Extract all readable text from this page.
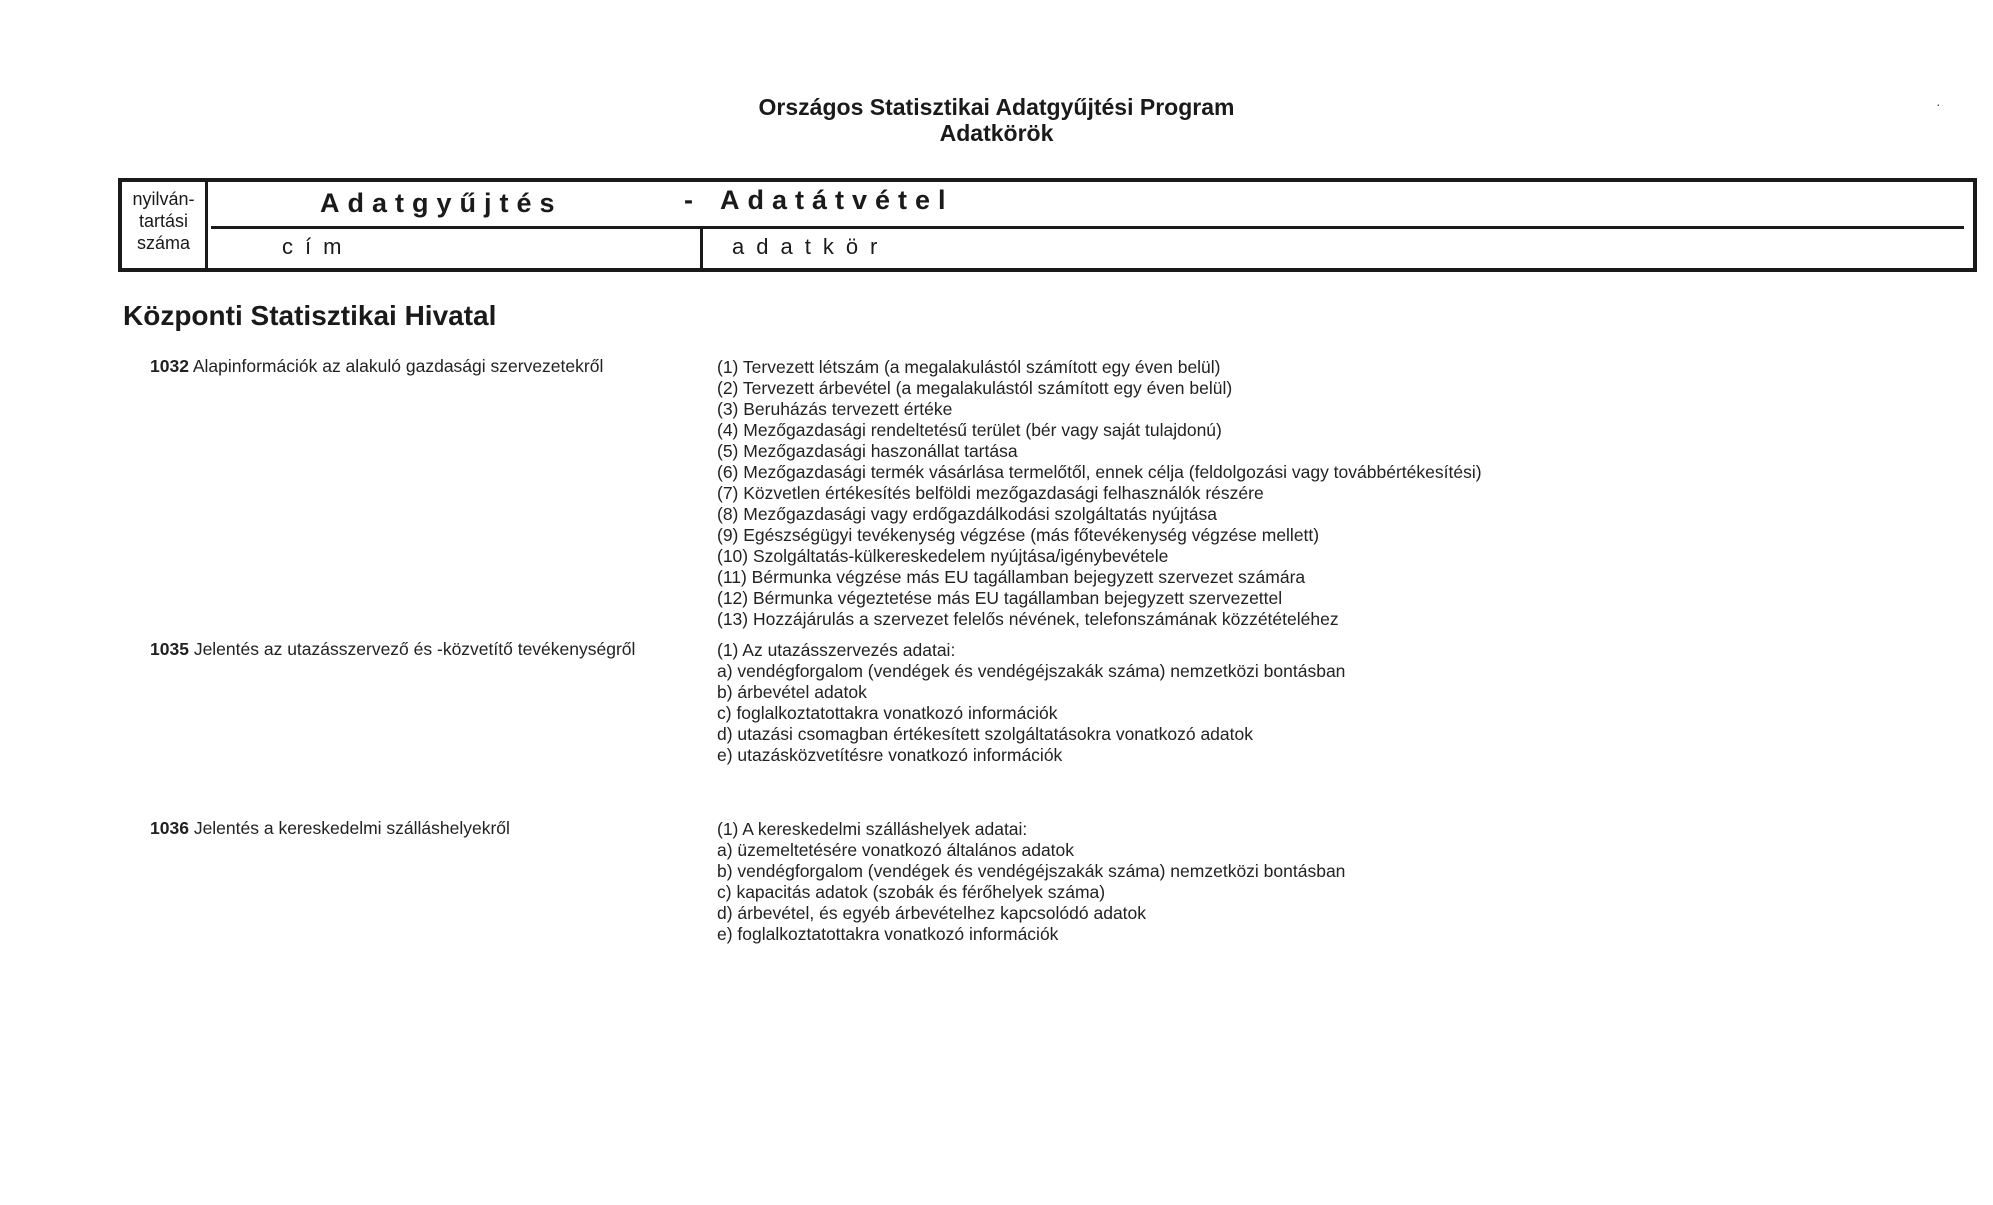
Országos Statisztikai Adatgyűjtési Program
Adatkörök
·
nyilván-
tartási
száma
Adatgyűjtés	- Adatátvétel
cím	adatkör
Központi Statisztikai Hivatal
1032 Alapinformációk az alakuló gazdasági szervezetekről	(1) Tervezett létszám (a megalakulástól számított egy éven belül)
(2) Tervezett árbevétel (a megalakulástól számított egy éven belül)
(3) Beruházás tervezett értéke
(4) Mezőgazdasági rendeltetésű terület (bér vagy saját tulajdonú)
(5) Mezőgazdasági haszonállat tartása
(6) Mezőgazdasági termék vásárlása termelőtől, ennek célja (feldolgozási vagy továbbértékesítési)
(7) Közvetlen értékesítés belföldi mezőgazdasági felhasználók részére
(8) Mezőgazdasági vagy erdőgazdálkodási szolgáltatás nyújtása
(9) Egészségügyi tevékenység végzése (más főtevékenység végzése mellett)
(10) Szolgáltatás-külkereskedelem nyújtása/igénybevétele
(11) Bérmunka végzése más EU tagállamban bejegyzett szervezet számára
(12) Bérmunka végeztetése más EU tagállamban bejegyzett szervezettel
(13) Hozzájárulás a szervezet felelős névének, telefonszámának közzétételéhez
1035 Jelentés az utazásszervező és -közvetítő tevékenységről	(1) Az utazásszervezés adatai:
a) vendégforgalom (vendégek és vendégéjszakák száma) nemzetközi bontásban
b) árbevétel adatok
c) foglalkoztatottakra vonatkozó információk
d) utazási csomagban értékesített szolgáltatásokra vonatkozó adatok
e) utazásközvetítésre vonatkozó információk
1036 Jelentés a kereskedelmi szálláshelyekről	(1) A kereskedelmi szálláshelyek adatai:
a) üzemeltetésére vonatkozó általános adatok
b) vendégforgalom (vendégek és vendégéjszakák száma) nemzetközi bontásban
c) kapacitás adatok (szobák és férőhelyek száma)
d) árbevétel, és egyéb árbevételhez kapcsolódó adatok
e) foglalkoztatottakra vonatkozó információk
